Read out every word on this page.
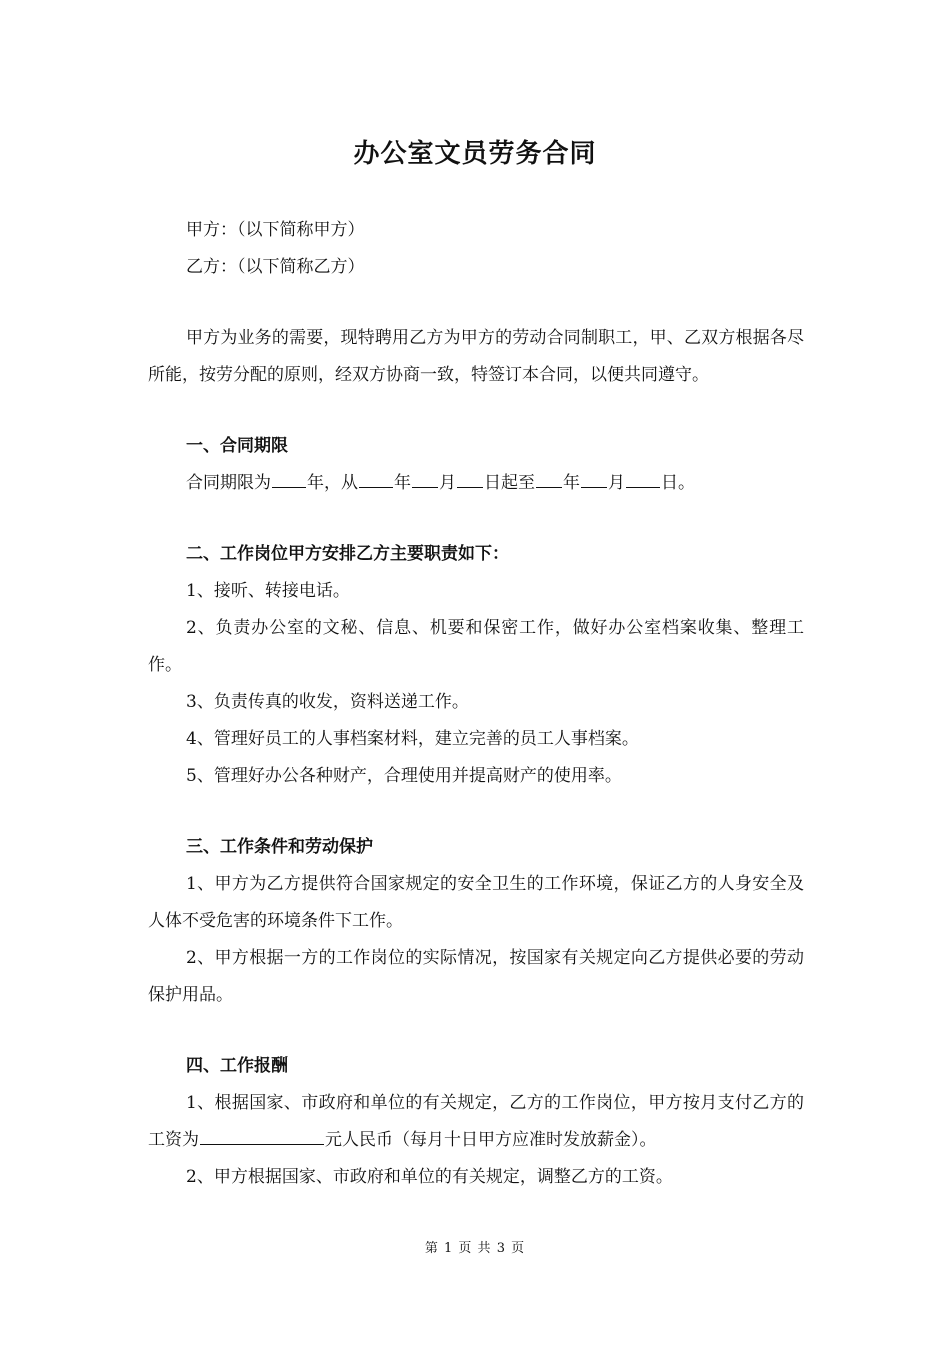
办公室文员劳务合同

甲方：（以下简称甲方）

乙方：（以下简称乙方）

甲方为业务的需要，现特聘用乙方为甲方的劳动合同制职工，甲、乙双方根据各尽所能，按劳分配的原则，经双方协商一致，特签订本合同，以便共同遵守。

一、合同期限

合同期限为 年，从 年 月 日起至 年 月 日。

二、工作岗位甲方安排乙方主要职责如下：

1、接听、转接电话。

2、负责办公室的文秘、信息、机要和保密工作，做好办公室档案收集、整理工作。

3、负责传真的收发，资料送递工作。

4、管理好员工的人事档案材料，建立完善的员工人事档案。

5、管理好办公各种财产，合理使用并提高财产的使用率。

三、工作条件和劳动保护

1、甲方为乙方提供符合国家规定的安全卫生的工作环境，保证乙方的人身安全及人体不受危害的环境条件下工作。

2、甲方根据一方的工作岗位的实际情况，按国家有关规定向乙方提供必要的劳动保护用品。

四、工作报酬

1、根据国家、市政府和单位的有关规定，乙方的工作岗位，甲方按月支付乙方的工资为	元人民币（每月十日甲方应准时发放薪金）。

2、甲方根据国家、市政府和单位的有关规定，调整乙方的工资。

第 1 页 共 3 页
